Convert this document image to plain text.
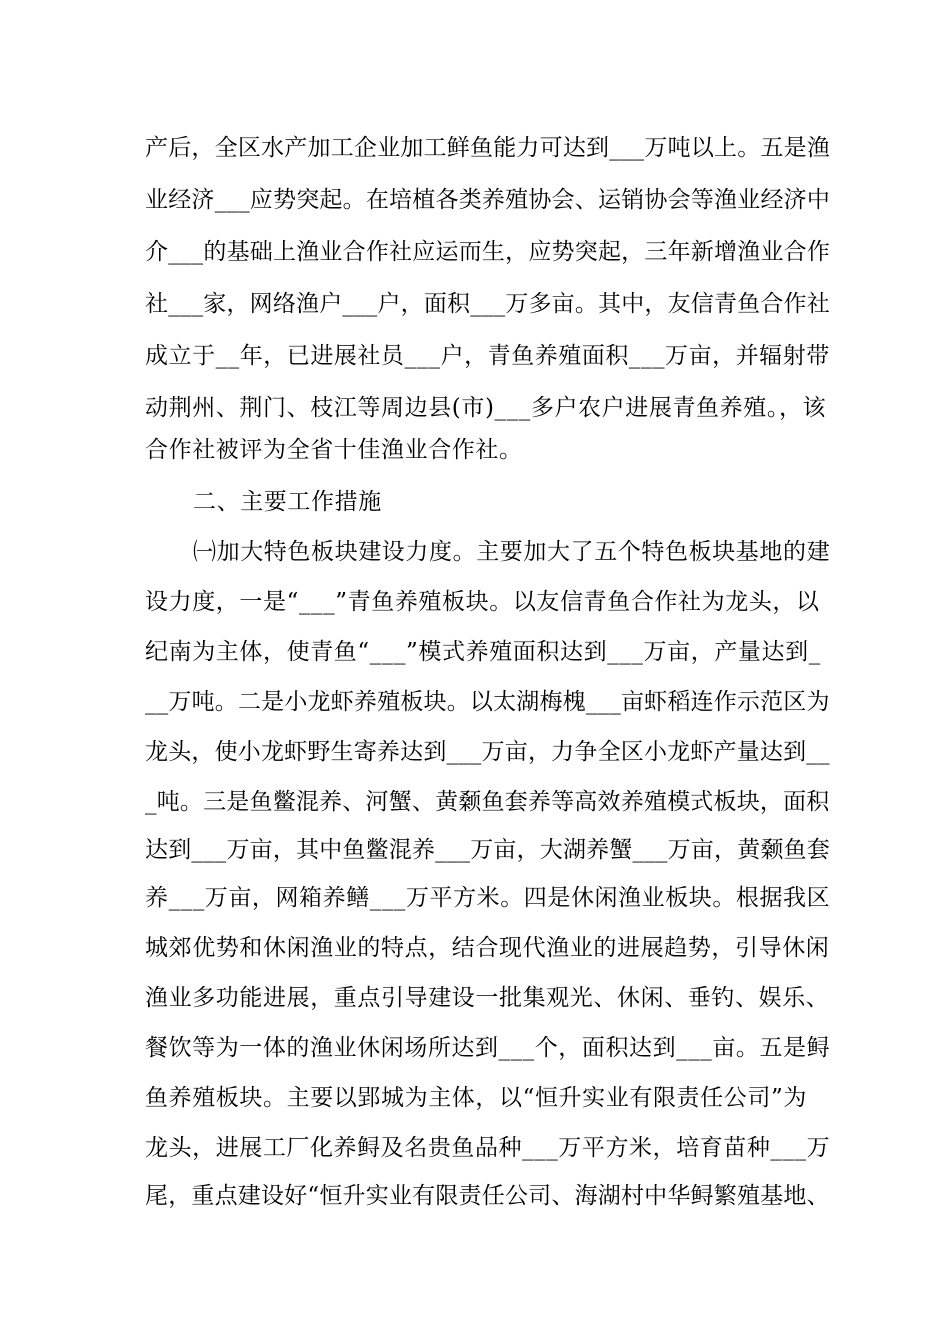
产后，全区水产加工企业加工鲜鱼能力可达到___万吨以上。五是渔
业经济___应势突起。在培植各类养殖协会、运销协会等渔业经济中
介___的基础上渔业合作社应运而生，应势突起，三年新增渔业合作
社___家，网络渔户___户，面积___万多亩。其中，友信青鱼合作社
成立于__年，已进展社员___户，青鱼养殖面积___万亩，并辐射带
动荆州、荆门、枝江等周边县(市)___多户农户进展青鱼养殖。，该
合作社被评为全省十佳渔业合作社。
二、主要工作措施
㈠加大特色板块建设力度。主要加大了五个特色板块基地的建
设力度，一是“___”青鱼养殖板块。以友信青鱼合作社为龙头，以
纪南为主体，使青鱼“___”模式养殖面积达到___万亩，产量达到_
__万吨。二是小龙虾养殖板块。以太湖梅槐___亩虾稻连作示范区为
龙头，使小龙虾野生寄养达到___万亩，力争全区小龙虾产量达到__
_吨。三是鱼鳖混养、河蟹、黄颡鱼套养等高效养殖模式板块，面积
达到___万亩，其中鱼鳖混养___万亩，大湖养蟹___万亩，黄颡鱼套
养___万亩，网箱养鳝___万平方米。四是休闲渔业板块。根据我区
城郊优势和休闲渔业的特点，结合现代渔业的进展趋势，引导休闲
渔业多功能进展，重点引导建设一批集观光、休闲、垂钓、娱乐、
餐饮等为一体的渔业休闲场所达到___个，面积达到___亩。五是鲟
鱼养殖板块。主要以郢城为主体，以“恒升实业有限责任公司”为
龙头，进展工厂化养鲟及名贵鱼品种___万平方米，培育苗种___万
尾，重点建设好“恒升实业有限责任公司、海湖村中华鲟繁殖基地、
